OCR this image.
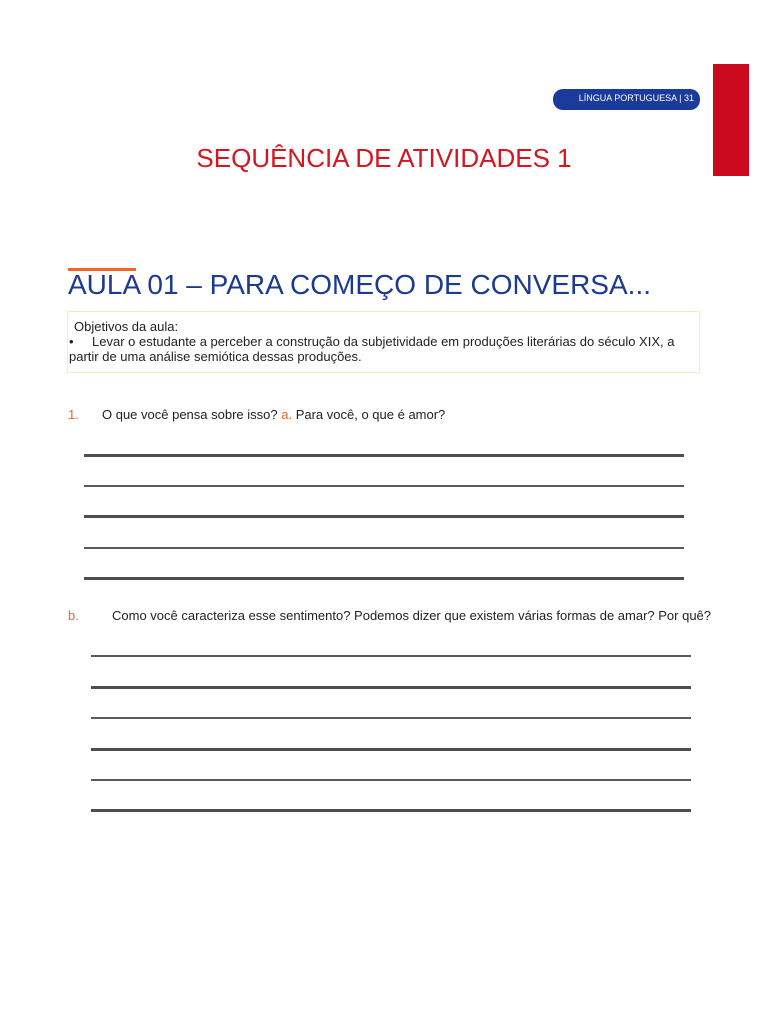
LÍNGUA PORTUGUESA | 31
SEQUÊNCIA DE ATIVIDADES 1
AULA 01 – PARA COMEÇO DE CONVERSA...
Objetivos da aula:
• Levar o estudante a perceber a construção da subjetividade em produções literárias do século XIX, a partir de uma análise semiótica dessas produções.
1. O que você pensa sobre isso? a. Para você, o que é amor?
b.	Como você caracteriza esse sentimento? Podemos dizer que existem várias formas de amar? Por quê?
